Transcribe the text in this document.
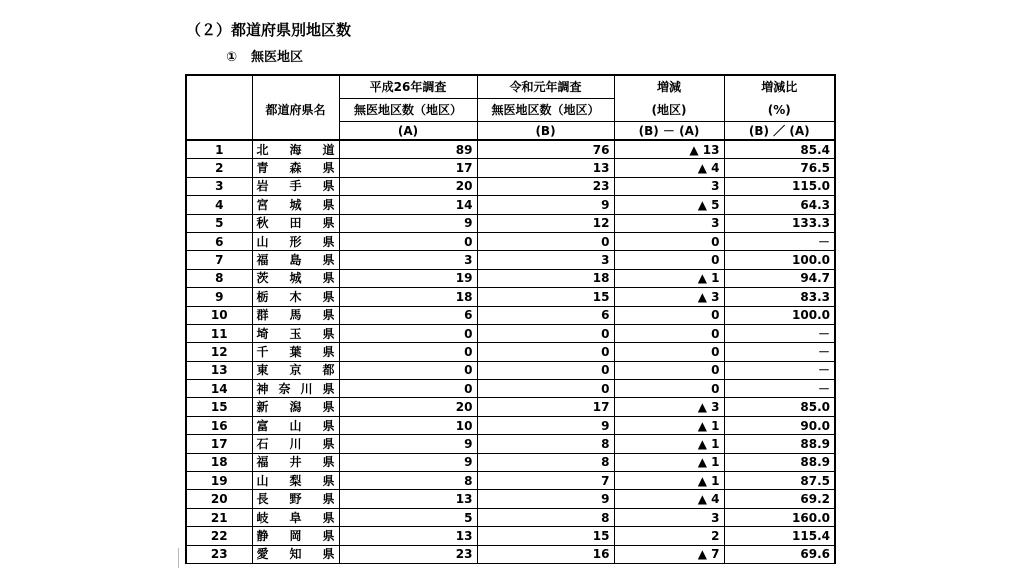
（２）都道府県別地区数
① 無医地区
		平成26年調査	令和元年調査	増減	増減比
	都道府県名	無医地区数（地区）	無医地区数（地区）	(地区)	(%)
		(A)	(B)	(B) － (A)	(B) ／ (A)
1	北海道	89	76	▲ 13	85.4
2	青森県	17	13	▲ 4	76.5
3	岩手県	20	23	3	115.0
4	宮城県	14	9	▲ 5	64.3
5	秋田県	9	12	3	133.3
6	山形県	0	0	0	－
7	福島県	3	3	0	100.0
8	茨城県	19	18	▲ 1	94.7
9	栃木県	18	15	▲ 3	83.3
10	群馬県	6	6	0	100.0
11	埼玉県	0	0	0	－
12	千葉県	0	0	0	－
13	東京都	0	0	0	－
14	神奈川県	0	0	0	－
15	新潟県	20	17	▲ 3	85.0
16	富山県	10	9	▲ 1	90.0
17	石川県	9	8	▲ 1	88.9
18	福井県	9	8	▲ 1	88.9
19	山梨県	8	7	▲ 1	87.5
20	長野県	13	9	▲ 4	69.2
21	岐阜県	5	8	3	160.0
22	静岡県	13	15	2	115.4
23	愛知県	23	16	▲ 7	69.6
